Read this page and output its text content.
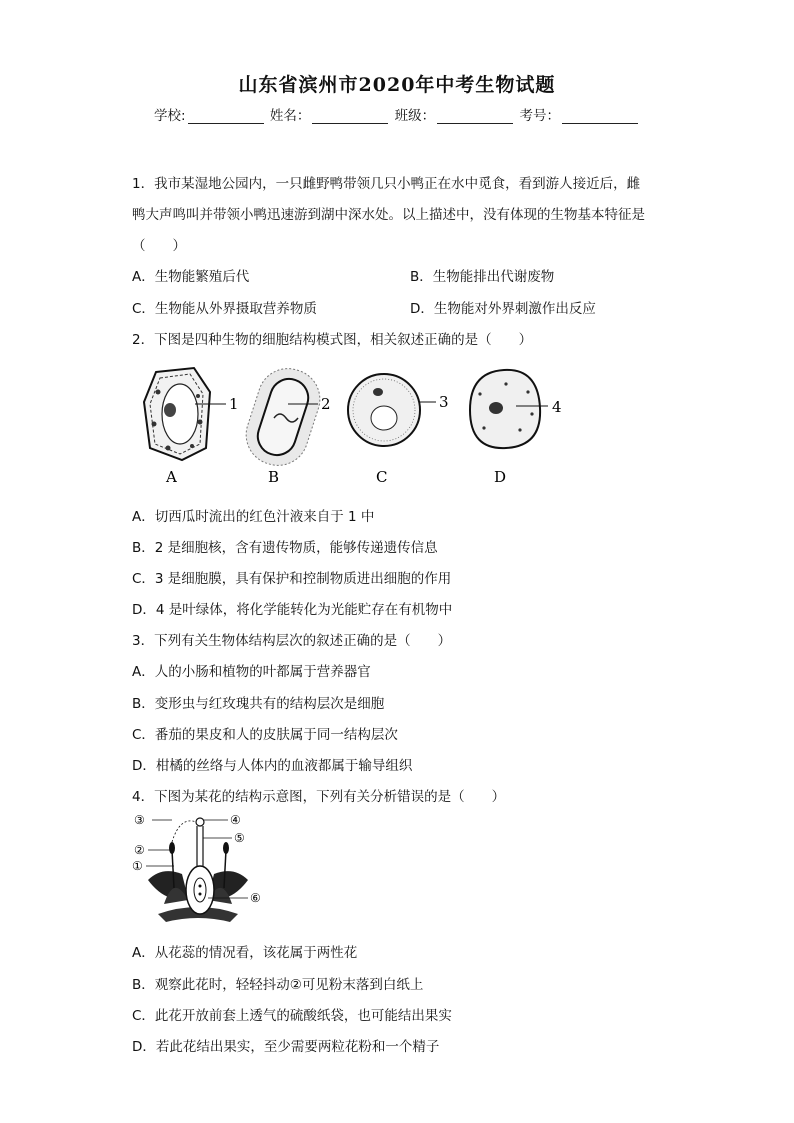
山东省滨州市2020年中考生物试题
学校:	姓名：	班级：	考号：
1．我市某湿地公园内，一只雌野鸭带领几只小鸭正在水中觅食，看到游人接近后，雌
鸭大声鸣叫并带领小鸭迅速游到湖中深水处。以上描述中，没有体现的生物基本特征是
（　　）
A．生物能繁殖后代	B．生物能排出代谢废物
C．生物能从外界摄取营养物质	D．生物能对外界刺激作出反应
2．下图是四种生物的细胞结构模式图，相关叙述正确的是（　　）
1
A
2
B
3
C
4
D
A．切西瓜时流出的红色汁液来自于 1 中
B．2 是细胞核，含有遗传物质，能够传递遗传信息
C．3 是细胞膜，具有保护和控制物质进出细胞的作用
D．4 是叶绿体，将化学能转化为光能贮存在有机物中
3．下列有关生物体结构层次的叙述正确的是（　　）
A．人的小肠和植物的叶都属于营养器官
B．变形虫与红玫瑰共有的结构层次是细胞
C．番茄的果皮和人的皮肤属于同一结构层次
D．柑橘的丝络与人体内的血液都属于输导组织
4．下图为某花的结构示意图，下列有关分析错误的是（　　）
③	④
⑤
②
①
⑥
A．从花蕊的情况看，该花属于两性花
B．观察此花时，轻轻抖动②可见粉末落到白纸上
C．此花开放前套上透气的硫酸纸袋，也可能结出果实
D．若此花结出果实，至少需要两粒花粉和一个精子
